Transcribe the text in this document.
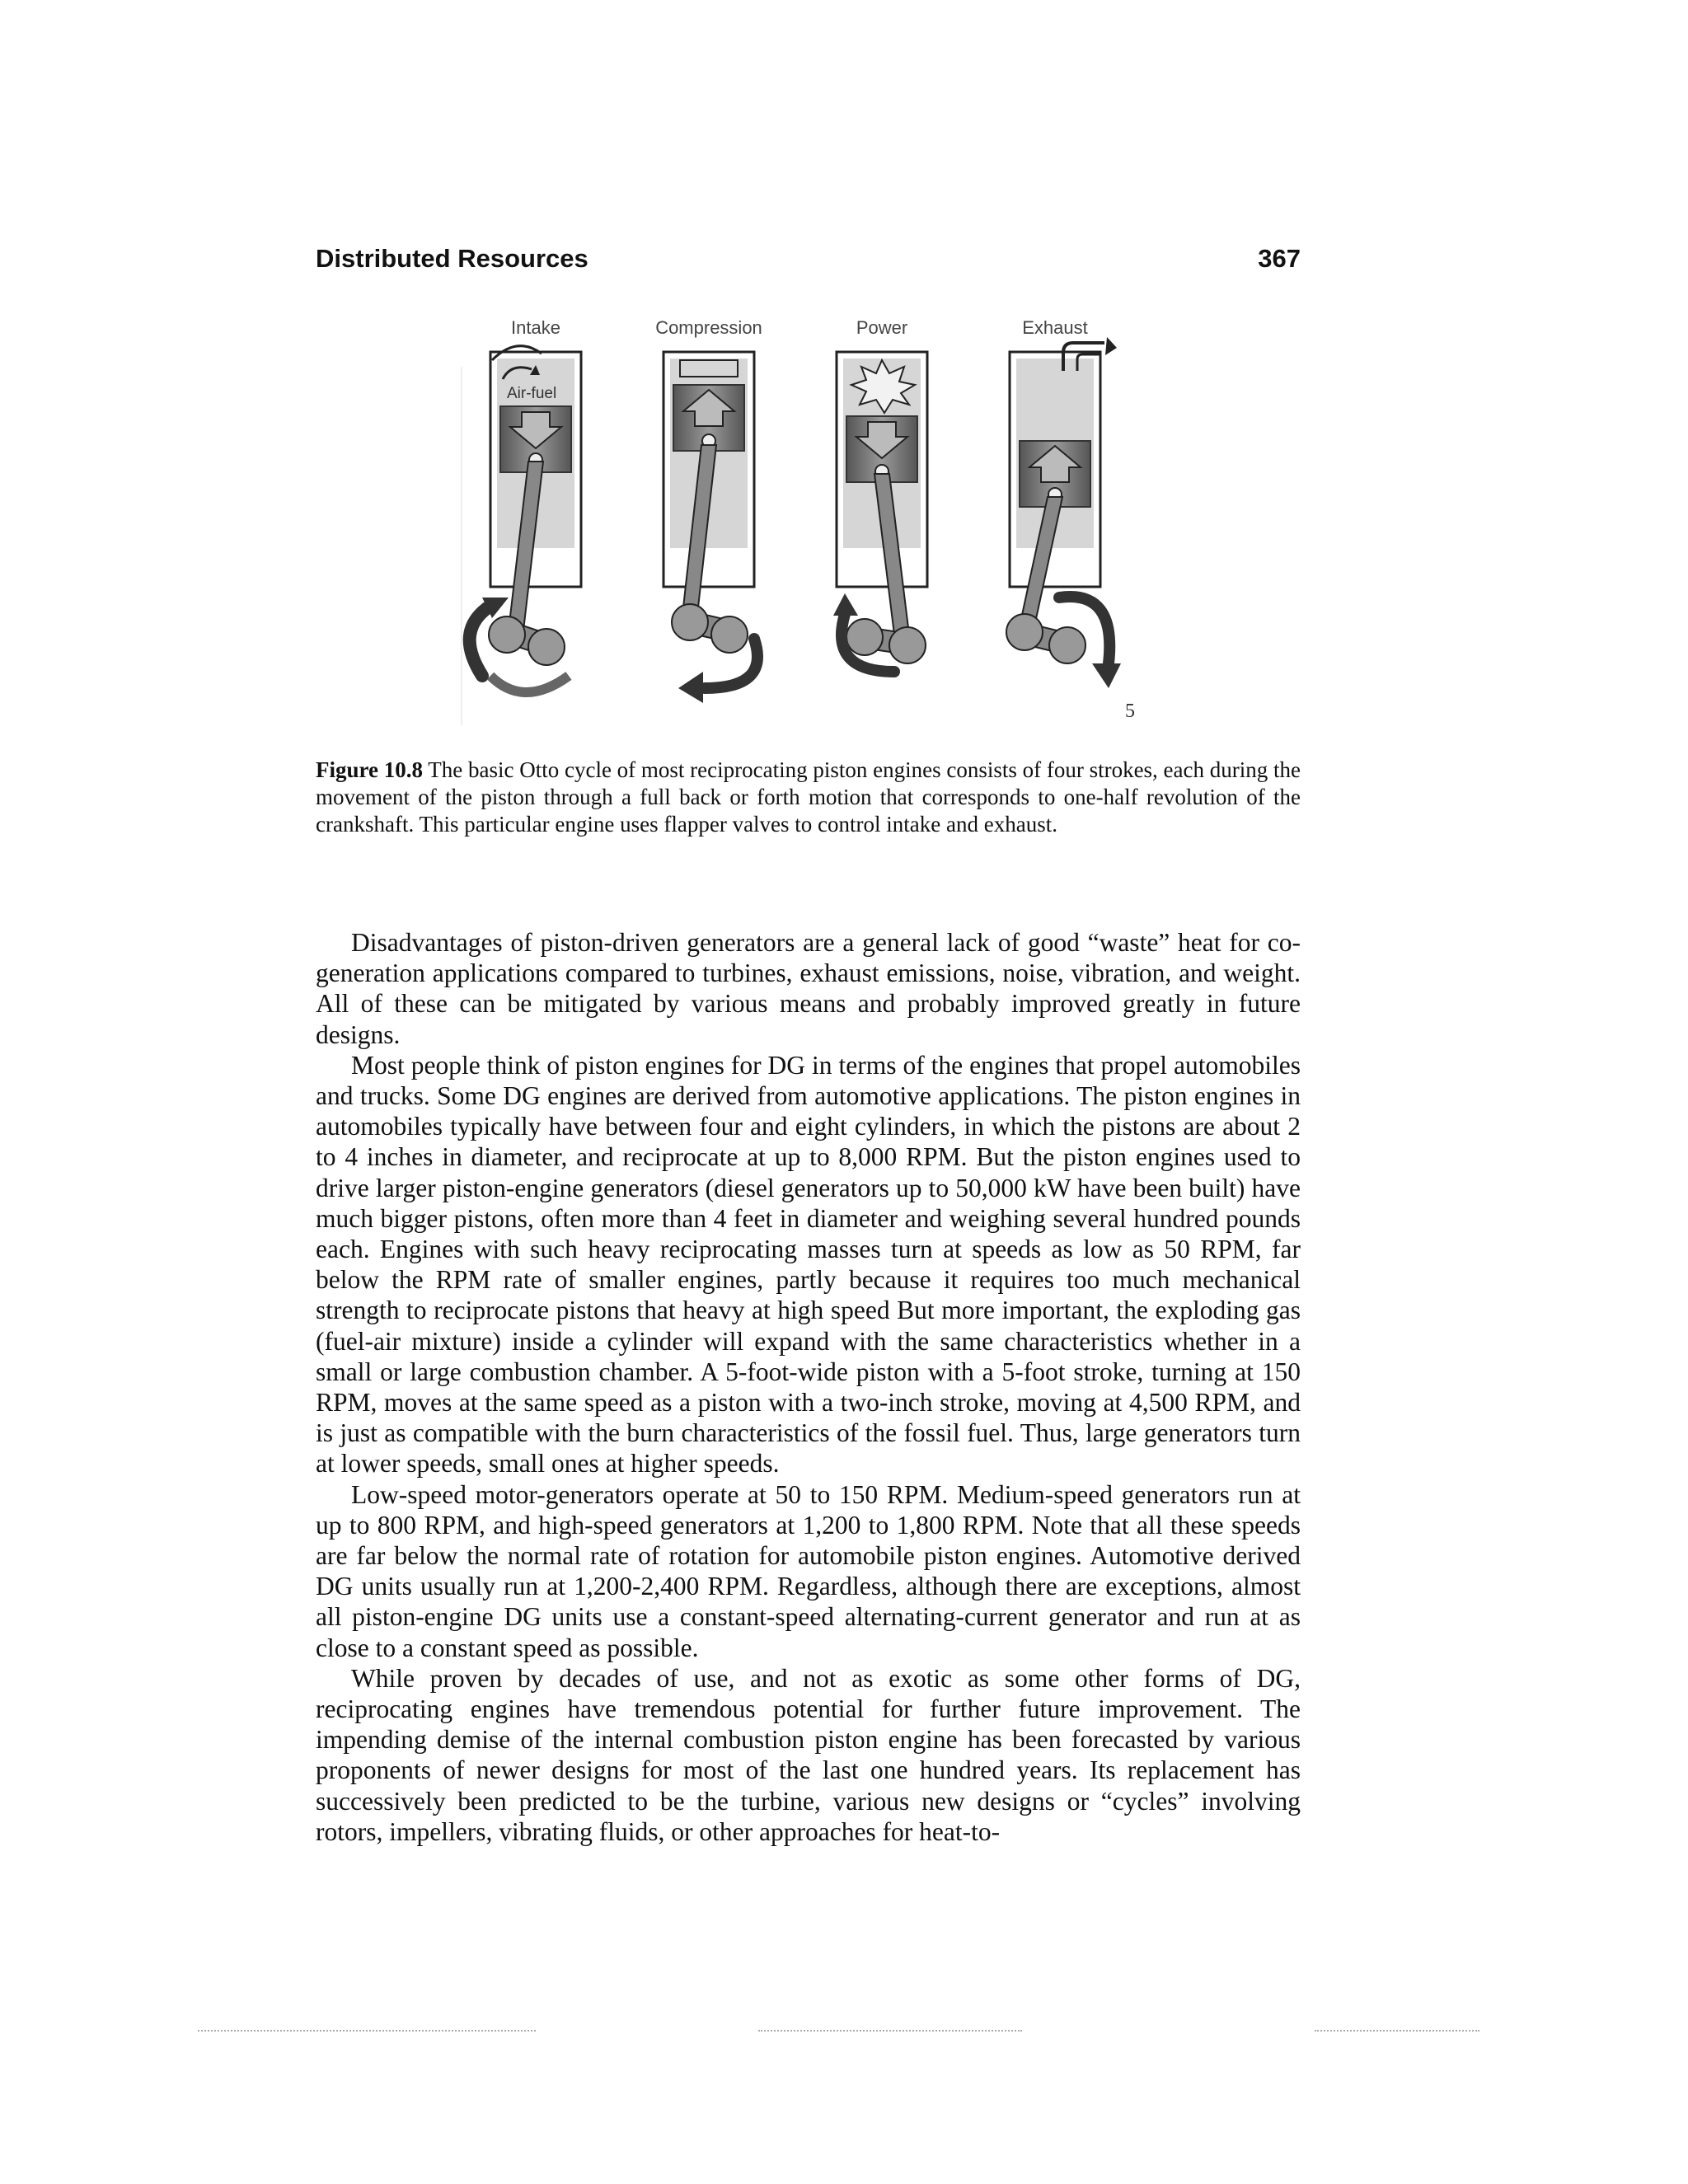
Distributed Resources	367
Intake	Compression	Power	Exhaust
Air-fuel
5
Figure 10.8 The basic Otto cycle of most reciprocating piston engines consists of four strokes, each during the movement of the piston through a full back or forth motion that corresponds to one-half revolution of the crankshaft. This particular engine uses flapper valves to control intake and exhaust.

Disadvantages of piston-driven generators are a general lack of good “waste” heat for co-generation applications compared to turbines, exhaust emissions, noise, vibration, and weight. All of these can be mitigated by various means and probably improved greatly in future designs.

Most people think of piston engines for DG in terms of the engines that propel automobiles and trucks. Some DG engines are derived from automotive applications. The piston engines in automobiles typically have between four and eight cylinders, in which the pistons are about 2 to 4 inches in diameter, and reciprocate at up to 8,000 RPM. But the piston engines used to drive larger piston-engine generators (diesel generators up to 50,000 kW have been built) have much bigger pistons, often more than 4 feet in diameter and weighing several hundred pounds each. Engines with such heavy reciprocating masses turn at speeds as low as 50 RPM, far below the RPM rate of smaller engines, partly because it requires too much mechanical strength to reciprocate pistons that heavy at high speed But more important, the exploding gas (fuel-air mixture) inside a cylinder will expand with the same characteristics whether in a small or large combustion chamber. A 5-foot-wide piston with a 5-foot stroke, turning at 150 RPM, moves at the same speed as a piston with a two-inch stroke, moving at 4,500 RPM, and is just as compatible with the burn characteristics of the fossil fuel. Thus, large generators turn at lower speeds, small ones at higher speeds.

Low-speed motor-generators operate at 50 to 150 RPM. Medium-speed generators run at up to 800 RPM, and high-speed generators at 1,200 to 1,800 RPM. Note that all these speeds are far below the normal rate of rotation for automobile piston engines. Automotive derived DG units usually run at 1,200-2,400 RPM. Regardless, although there are exceptions, almost all piston-engine DG units use a constant-speed alternating-current generator and run at as close to a constant speed as possible.

While proven by decades of use, and not as exotic as some other forms of DG, reciprocating engines have tremendous potential for further future improvement. The impending demise of the internal combustion piston engine has been forecasted by various proponents of newer designs for most of the last one hundred years. Its replacement has successively been predicted to be the turbine, various new designs or “cycles” involving rotors, impellers, vibrating fluids, or other approaches for heat-to-
